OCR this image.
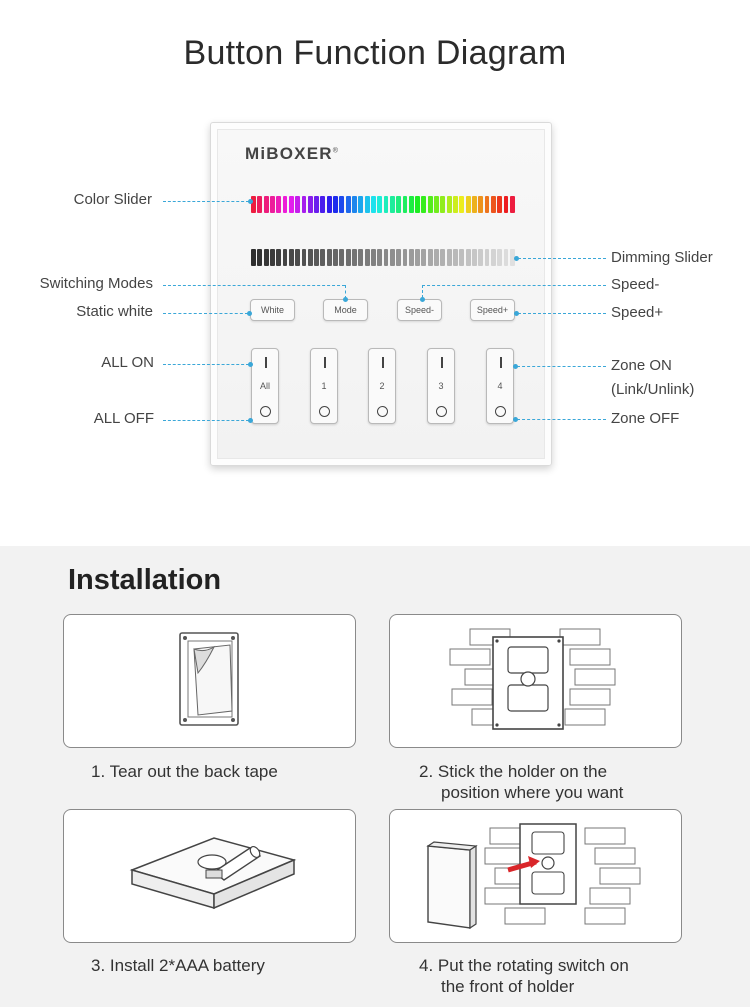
Button Function Diagram
MiBOXER®
White	Mode	Speed-	Speed+
All	1	2	3	4
Color Slider
Switching Modes
Static white
ALL ON
ALL OFF
Dimming Slider
Speed-
Speed+
Zone ON
(Link/Unlink)
Zone OFF
Installation
1. Tear out the back tape	2. Stick the holder on the
position where you want
3. Install 2*AAA battery	4. Put the rotating switch on
the front of holder
